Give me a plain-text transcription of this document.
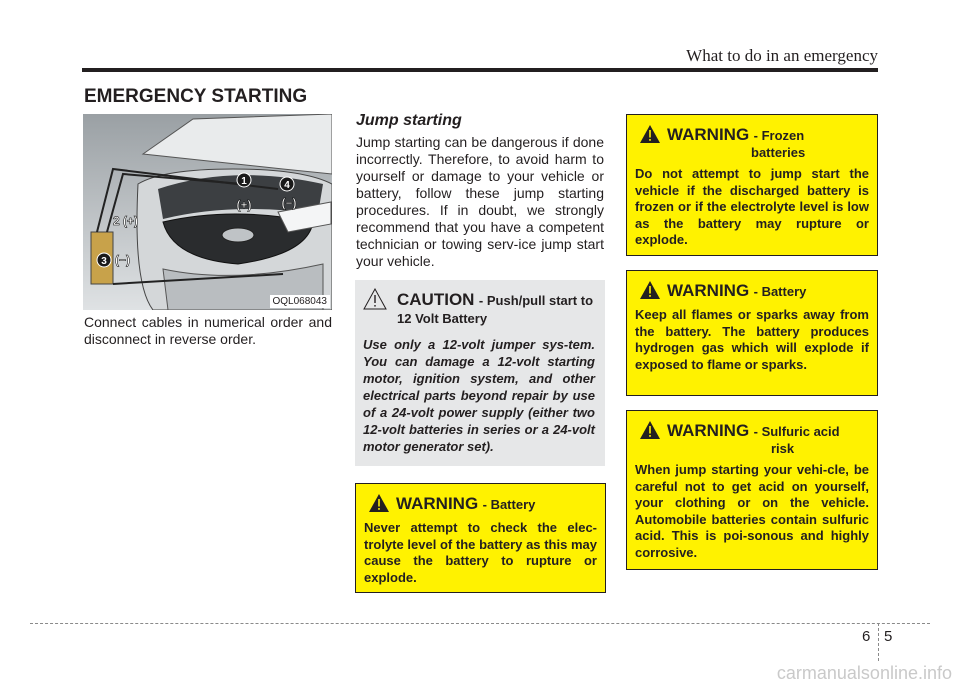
What to do in an emergency
EMERGENCY STARTING
1
(+)
2 (+)
3 (−)
4
(−)
OQL068043
Connect cables in numerical order and disconnect in reverse order.
Jump starting
Jump starting can be dangerous if done incorrectly. Therefore, to avoid harm to yourself or damage to your vehicle or battery, follow these jump starting procedures. If in doubt, we strongly recommend that you have a competent technician or towing serv-ice jump start your vehicle.
CAUTION - Push/pull start to 12 Volt Battery
Use only a 12-volt jumper sys-tem. You can damage a 12-volt starting motor, ignition system, and other electrical parts beyond repair by use of a 24-volt power supply (either two 12-volt batteries in series or a 24-volt motor generator set).
WARNING - Frozen
batteries
Do not attempt to jump start the vehicle if the discharged battery is frozen or if the electrolyte level is low as the battery may rupture or explode.
WARNING - Battery
Keep all flames or sparks away from the battery. The battery produces hydrogen gas which will explode if exposed to flame or sparks.
WARNING - Sulfuric acid
risk
When jump starting your vehi-cle, be careful not to get acid on yourself, your clothing or on the vehicle. Automobile batteries contain sulfuric acid. This is poi-sonous and highly corrosive.
WARNING - Battery
Never attempt to check the elec-trolyte level of the battery as this may cause the battery to rupture or explode.
6 5
carmanualsonline.info
